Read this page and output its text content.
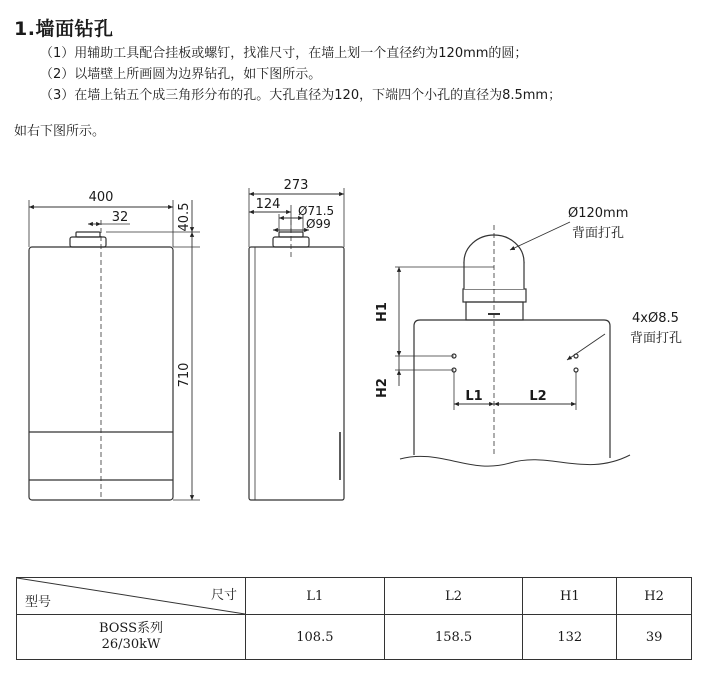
1.墙面钻孔
（1）用辅助工具配合挂板或螺钉，找准尺寸，在墙上划一个直径约为120mm的圆；
（2）以墙壁上所画圆为边界钻孔，如下图所示。
（3）在墙上钻五个成三角形分布的孔。大孔直径为120，下端四个小孔的直径为8.5mm；
如右下图所示。
400
32	40.5
710
273
124 Ø71.5
Ø99
Ø120mm
背面打孔
4xØ8.5
背面打孔
H1
H2	L1	L2
型号 尺寸	L1	L2	H1	H2

BOSS系列
26/30kW	108.5	158.5	132	39
